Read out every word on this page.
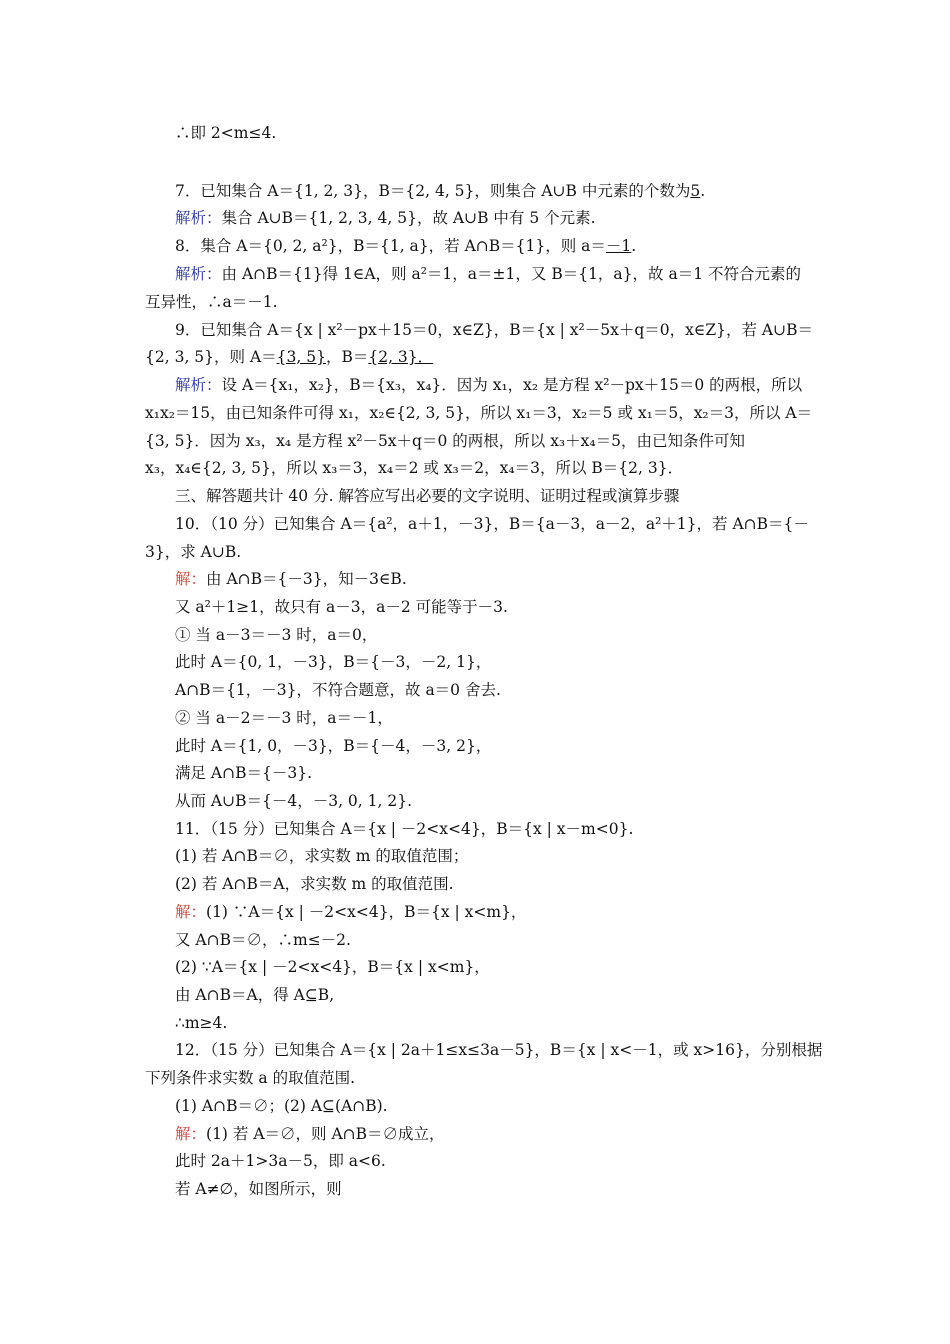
∴即 2<m≤4.
7．已知集合 A＝{1, 2, 3}，B＝{2, 4, 5}，则集合 A∪B 中元素的个数为5.
解析：集合 A∪B＝{1, 2, 3, 4, 5}，故 A∪B 中有 5 个元素.
8．集合 A＝{0, 2, a²}，B＝{1, a}，若 A∩B＝{1}，则 a＝－1.
解析：由 A∩B＝{1}得 1∈A，则 a²＝1，a＝±1，又 B＝{1，a}，故 a＝1 不符合元素的
互异性，∴a＝－1.
9．已知集合 A＝{x | x²－px＋15＝0，x∈Z}，B＝{x | x²－5x＋q＝0，x∈Z}，若 A∪B＝
{2, 3, 5}，则 A＝{3, 5}，B＝{2, 3}．
解析：设 A＝{x₁，x₂}，B＝{x₃，x₄}．因为 x₁，x₂ 是方程 x²－px＋15＝0 的两根，所以
x₁x₂＝15，由已知条件可得 x₁，x₂∈{2, 3, 5}，所以 x₁＝3，x₂＝5 或 x₁＝5，x₂＝3，所以 A＝
{3, 5}．因为 x₃，x₄ 是方程 x²－5x＋q＝0 的两根，所以 x₃＋x₄＝5，由已知条件可知
x₃，x₄∈{2, 3, 5}，所以 x₃＝3，x₄＝2 或 x₃＝2，x₄＝3，所以 B＝{2, 3}．
三、解答题共计 40 分. 解答应写出必要的文字说明、证明过程或演算步骤
10．（10 分）已知集合 A＝{a²，a＋1，－3}，B＝{a－3，a－2，a²＋1}，若 A∩B＝{－
3}，求 A∪B.
解：由 A∩B＝{－3}，知－3∈B.
又 a²＋1≥1，故只有 a－3，a－2 可能等于－3.
① 当 a－3＝－3 时，a＝0，
此时 A＝{0, 1，－3}，B＝{－3，－2, 1}，
A∩B＝{1，－3}，不符合题意，故 a＝0 舍去.
② 当 a－2＝－3 时，a＝－1，
此时 A＝{1, 0，－3}，B＝{－4，－3, 2}，
满足 A∩B＝{－3}.
从而 A∪B＝{－4，－3, 0, 1, 2}.
11．（15 分）已知集合 A＝{x | －2<x<4}，B＝{x | x－m<0}.
(1) 若 A∩B＝∅，求实数 m 的取值范围；
(2) 若 A∩B＝A，求实数 m 的取值范围.
解：(1) ∵A＝{x | －2<x<4}，B＝{x | x<m}，
又 A∩B＝∅，∴m≤－2.
(2) ∵A＝{x | －2<x<4}，B＝{x | x<m}，
由 A∩B＝A，得 A⊆B,
∴m≥4.
12．（15 分）已知集合 A＝{x | 2a＋1≤x≤3a－5}，B＝{x | x<－1，或 x>16}，分别根据
下列条件求实数 a 的取值范围.
(1) A∩B＝∅；(2) A⊆(A∩B).
解：(1) 若 A＝∅，则 A∩B＝∅成立，
此时 2a＋1>3a－5，即 a<6.
若 A≠∅，如图所示，则
